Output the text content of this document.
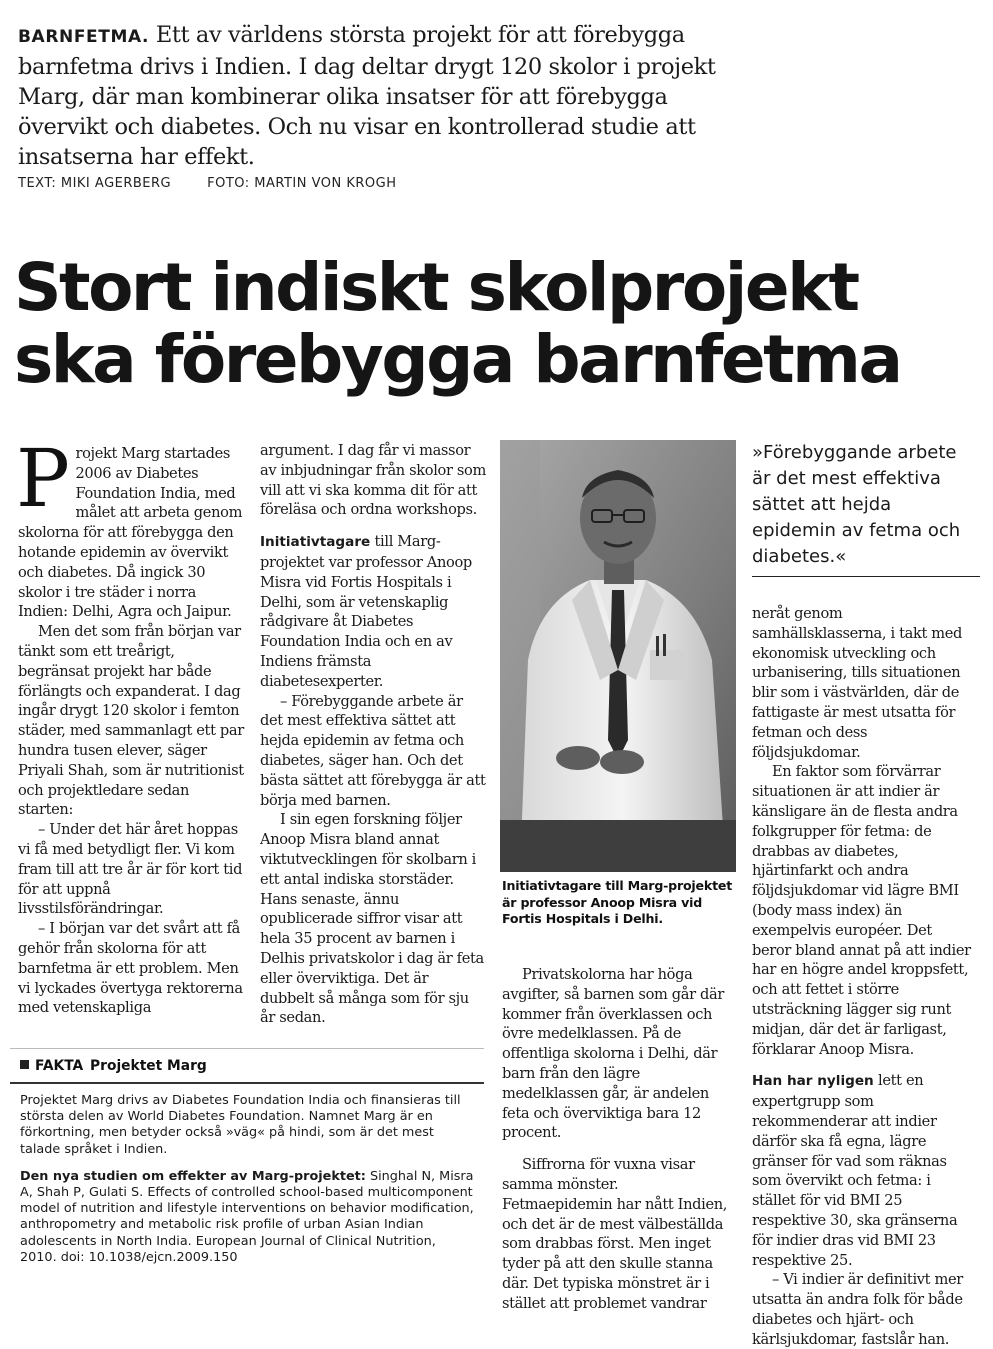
BARNFETMA. Ett av världens största projekt för att förebygga barnfetma drivs i Indien. I dag deltar drygt 120 skolor i projekt Marg, där man kombinerar olika insatser för att förebygga övervikt och diabetes. Och nu visar en kontrollerad studie att insatserna har effekt.
TEXT: MIKI AGERBERG	FOTO: MARTIN VON KROGH
Stort indiskt skolprojekt
ska förebygga barnfetma

Projekt Marg startades 2006 av Diabetes Foundation India, med målet att arbeta genom skolorna för att förebygga den hotande epidemin av övervikt och diabetes. Då ingick 30 skolor i tre städer i norra Indien: Delhi, Agra och Jaipur.

Men det som från början var tänkt som ett treårigt, begränsat projekt har både förlängts och expanderat. I dag ingår drygt 120 skolor i femton städer, med sammanlagt ett par hundra tusen elever, säger Priyali Shah, som är nutritionist och projektledare sedan starten:

– Under det här året hoppas vi få med betydligt fler. Vi kom fram till att tre år är för kort tid för att uppnå livsstilsförändringar.

– I början var det svårt att få gehör från skolorna för att barnfetma är ett problem. Men vi lyckades övertyga rektorerna med vetenskapliga

argument. I dag får vi massor av inbjudningar från skolor som vill att vi ska komma dit för att föreläsa och ordna workshops.

Initiativtagare till Marg-projektet var professor Anoop Misra vid Fortis Hospitals i Delhi, som är vetenskaplig rådgivare åt Diabetes Foundation India och en av Indiens främsta diabetesexperter.

– Förebyggande arbete är det mest effektiva sättet att hejda epidemin av fetma och diabetes, säger han. Och det bästa sättet att förebygga är att börja med barnen.

I sin egen forskning följer Anoop Misra bland annat viktutvecklingen för skolbarn i ett antal indiska storstäder. Hans senaste, ännu opublicerade siffror visar att hela 35 procent av barnen i Delhis privatskolor i dag är feta eller överviktiga. Det är dubbelt så många som för sju år sedan.

Initiativtagare till Marg-projektet är professor Anoop Misra vid Fortis Hospitals i Delhi.

Privatskolorna har höga avgifter, så barnen som går där kommer från överklassen och övre medelklassen. På de offentliga skolorna i Delhi, där barn från den lägre medelklassen går, är andelen feta och överviktiga bara 12 procent.

Siffrorna för vuxna visar samma mönster. Fetmaepidemin har nått Indien, och det är de mest välbeställda som drabbas först. Men inget tyder på att den skulle stanna där. Det typiska mönstret är i stället att problemet vandrar

»Förebyggande arbete är det mest effektiva sättet att hejda epidemin av fetma och diabetes.«

neråt genom samhällsklasserna, i takt med ekonomisk utveckling och urbanisering, tills situationen blir som i västvärlden, där de fattigaste är mest utsatta för fetman och dess följdsjukdomar.

En faktor som förvärrar situationen är att indier är känsligare än de flesta andra folkgrupper för fetma: de drabbas av diabetes, hjärtinfarkt och andra följdsjukdomar vid lägre BMI (body mass index) än exempelvis européer. Det beror bland annat på att indier har en högre andel kroppsfett, och att fettet i större utsträckning lägger sig runt midjan, där det är farligast, förklarar Anoop Misra.

Han har nyligen lett en expertgrupp som rekommenderar att indier därför ska få egna, lägre gränser för vad som räknas som övervikt och fetma: i stället för vid BMI 25 respektive 30, ska gränserna för indier dras vid BMI 23 respektive 25.

– Vi indier är definitivt mer utsatta än andra folk för både diabetes och hjärt- och kärlsjukdomar, fastslår han.

FAKTA Projektet Marg

Projektet Marg drivs av Diabetes Foundation India och finansieras till största delen av World Diabetes Foundation. Namnet Marg är en förkortning, men betyder också »väg« på hindi, som är det mest talade språket i Indien.

Den nya studien om effekter av Marg-projektet: Singhal N, Misra A, Shah P, Gulati S. Effects of controlled school-based multicomponent model of nutrition and lifestyle interventions on behavior modification, anthropometry and metabolic risk profile of urban Asian Indian adolescents in North India. European Journal of Clinical Nutrition, 2010. doi: 10.1038/ejcn.2009.150
